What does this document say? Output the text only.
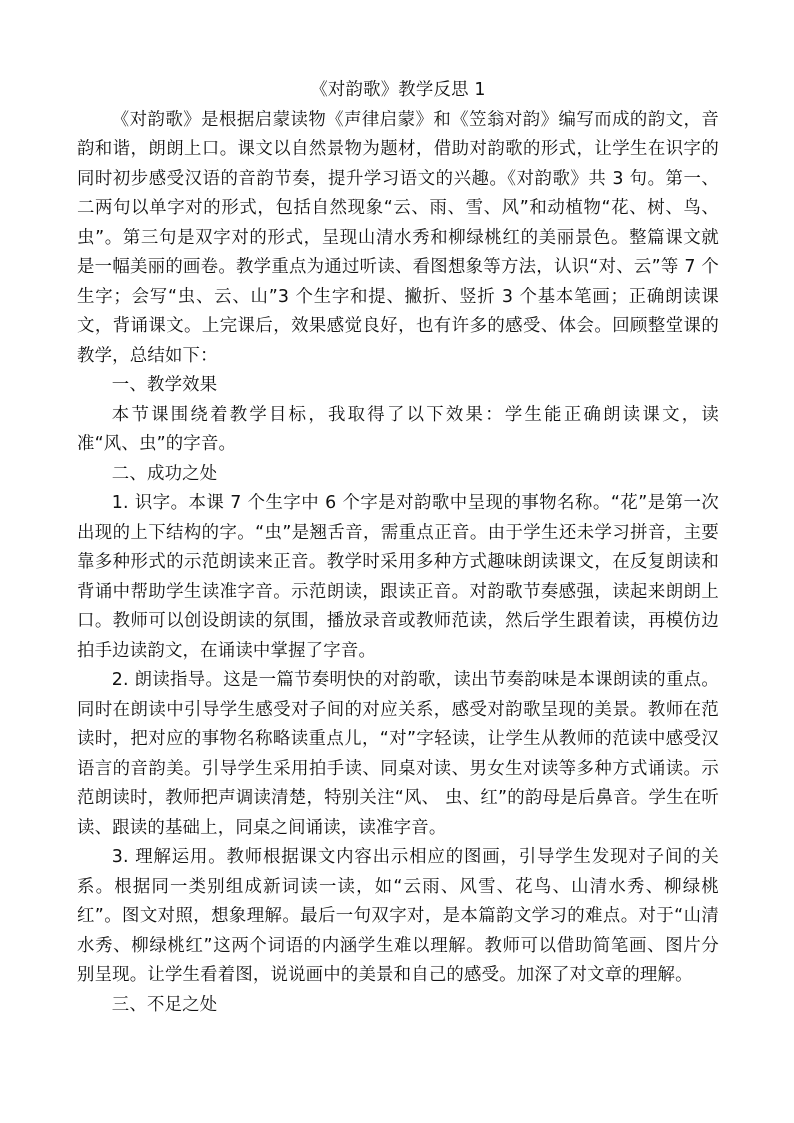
《对韵歌》教学反思 1

《对韵歌》是根据启蒙读物《声律启蒙》和《笠翁对韵》编写而成的韵文，音韵和谐，朗朗上口。课文以自然景物为题材，借助对韵歌的形式，让学生在识字的同时初步感受汉语的音韵节奏，提升学习语文的兴趣。《对韵歌》共 3 句。第一、二两句以单字对的形式，包括自然现象“云、雨、雪、风”和动植物“花、树、鸟、虫”。第三句是双字对的形式，呈现山清水秀和柳绿桃红的美丽景色。整篇课文就是一幅美丽的画卷。教学重点为通过听读、看图想象等方法，认识“对、云”等 7 个生字；会写“虫、云、山”3 个生字和提、撇折、竖折 3 个基本笔画；正确朗读课文，背诵课文。上完课后，效果感觉良好，也有许多的感受、体会。回顾整堂课的教学，总结如下：

一、教学效果

本节课围绕着教学目标，我取得了以下效果：学生能正确朗读课文，读准“风、虫”的字音。

二、成功之处

1. 识字。本课 7 个生字中 6 个字是对韵歌中呈现的事物名称。“花”是第一次出现的上下结构的字。“虫”是翘舌音，需重点正音。由于学生还未学习拼音，主要靠多种形式的示范朗读来正音。教学时采用多种方式趣味朗读课文，在反复朗读和背诵中帮助学生读准字音。示范朗读，跟读正音。对韵歌节奏感强，读起来朗朗上口。教师可以创设朗读的氛围，播放录音或教师范读，然后学生跟着读，再模仿边拍手边读韵文，在诵读中掌握了字音。

2. 朗读指导。这是一篇节奏明快的对韵歌，读出节奏韵味是本课朗读的重点。同时在朗读中引导学生感受对子间的对应关系，感受对韵歌呈现的美景。教师在范读时，把对应的事物名称略读重点儿，“对”字轻读，让学生从教师的范读中感受汉语言的音韵美。引导学生采用拍手读、同桌对读、男女生对读等多种方式诵读。示范朗读时，教师把声调读清楚，特别关注“风、 虫、红”的韵母是后鼻音。学生在听读、跟读的基础上，同桌之间诵读，读准字音。

3. 理解运用。教师根据课文内容出示相应的图画，引导学生发现对子间的关系。根据同一类别组成新词读一读，如“云雨、风雪、花鸟、山清水秀、柳绿桃红”。图文对照，想象理解。最后一句双字对，是本篇韵文学习的难点。对于“山清水秀、柳绿桃红”这两个词语的内涵学生难以理解。教师可以借助简笔画、图片分别呈现。让学生看着图，说说画中的美景和自己的感受。加深了对文章的理解。

三、不足之处
